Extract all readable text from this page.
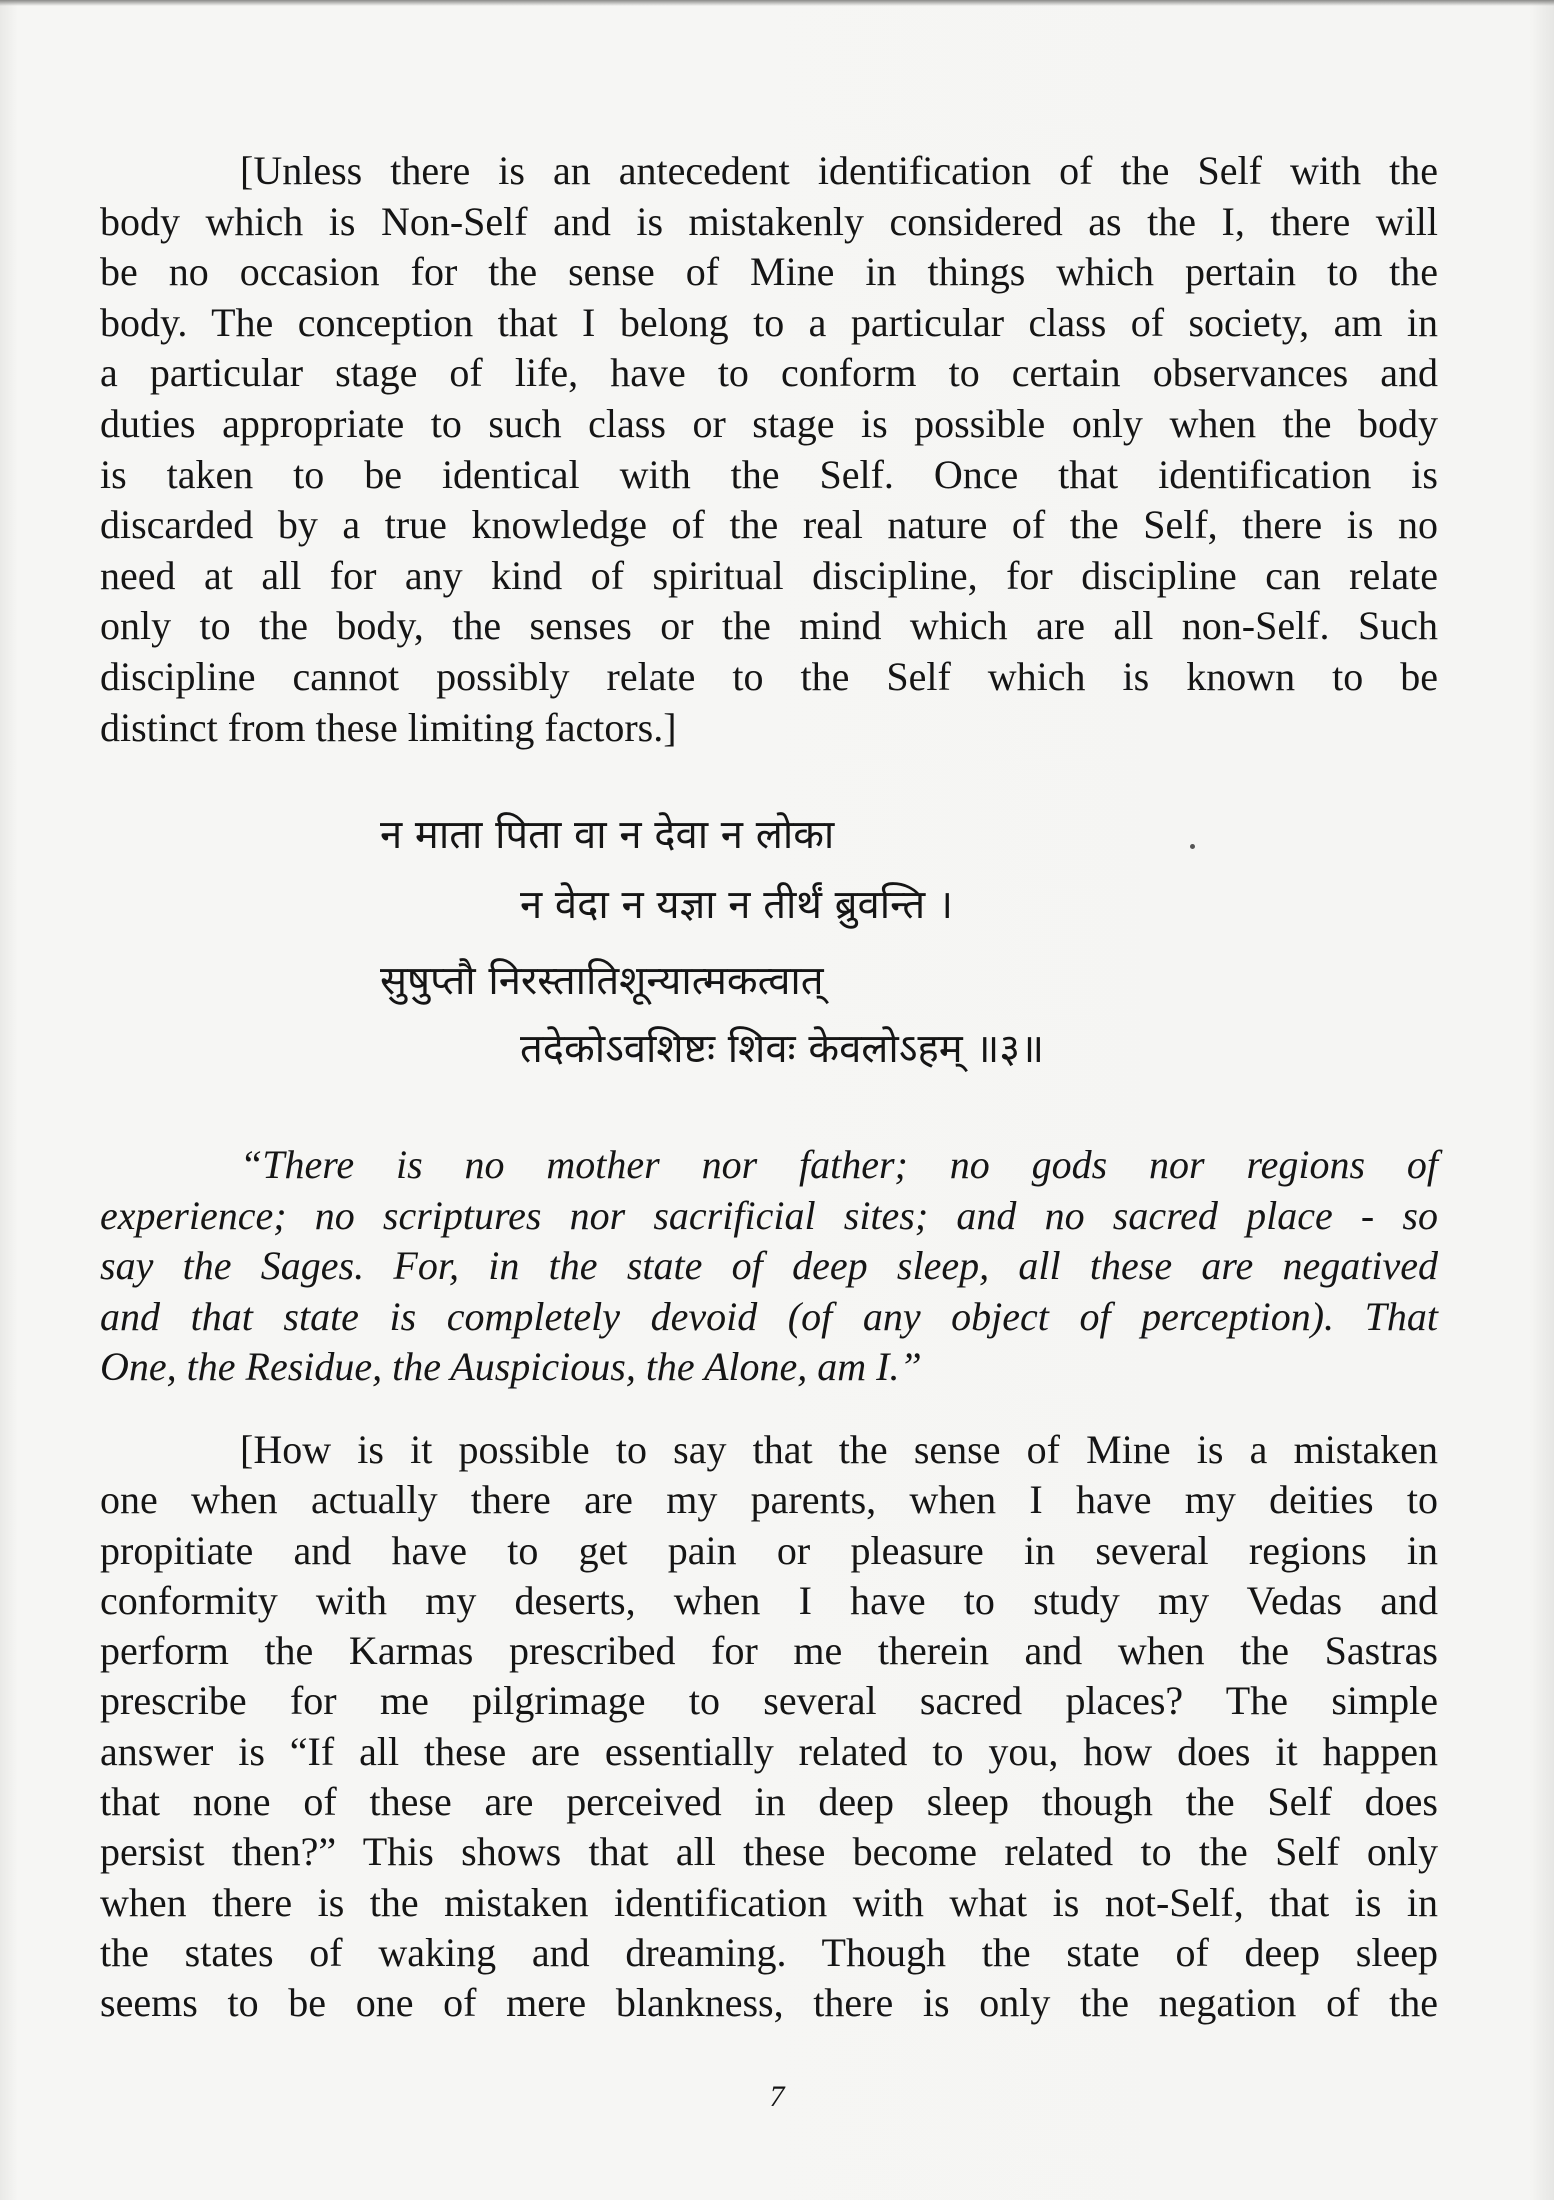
[Unless there is an antecedent identification of the Self with the
body which is Non-Self and is mistakenly considered as the I, there will
be no occasion for the sense of Mine in things which pertain to the
body. The conception that I belong to a particular class of society, am in
a particular stage of life, have to conform to certain observances and
duties appropriate to such class or stage is possible only when the body
is taken to be identical with the Self. Once that identification is
discarded by a true knowledge of the real nature of the Self, there is no
need at all for any kind of spiritual discipline, for discipline can relate
only to the body, the senses or the mind which are all non-Self. Such
discipline cannot possibly relate to the Self which is known to be
distinct from these limiting factors.]
न माता पिता वा न देवा न लोका
न वेदा न यज्ञा न तीर्थं ब्रुवन्ति ।
सुषुप्तौ निरस्तातिशून्यात्मकत्वात्
तदेकोऽवशिष्टः शिवः केवलोऽहम् ॥३॥
“There is no mother nor father; no gods nor regions of
experience; no scriptures nor sacrificial sites; and no sacred place - so
say the Sages. For, in the state of deep sleep, all these are negatived
and that state is completely devoid (of any object of perception). That
One, the Residue, the Auspicious, the Alone, am I.”
[How is it possible to say that the sense of Mine is a mistaken
one when actually there are my parents, when I have my deities to
propitiate and have to get pain or pleasure in several regions in
conformity with my deserts, when I have to study my Vedas and
perform the Karmas prescribed for me therein and when the Sastras
prescribe for me pilgrimage to several sacred places? The simple
answer is “If all these are essentially related to you, how does it happen
that none of these are perceived in deep sleep though the Self does
persist then?” This shows that all these become related to the Self only
when there is the mistaken identification with what is not-Self, that is in
the states of waking and dreaming. Though the state of deep sleep
seems to be one of mere blankness, there is only the negation of the
7
